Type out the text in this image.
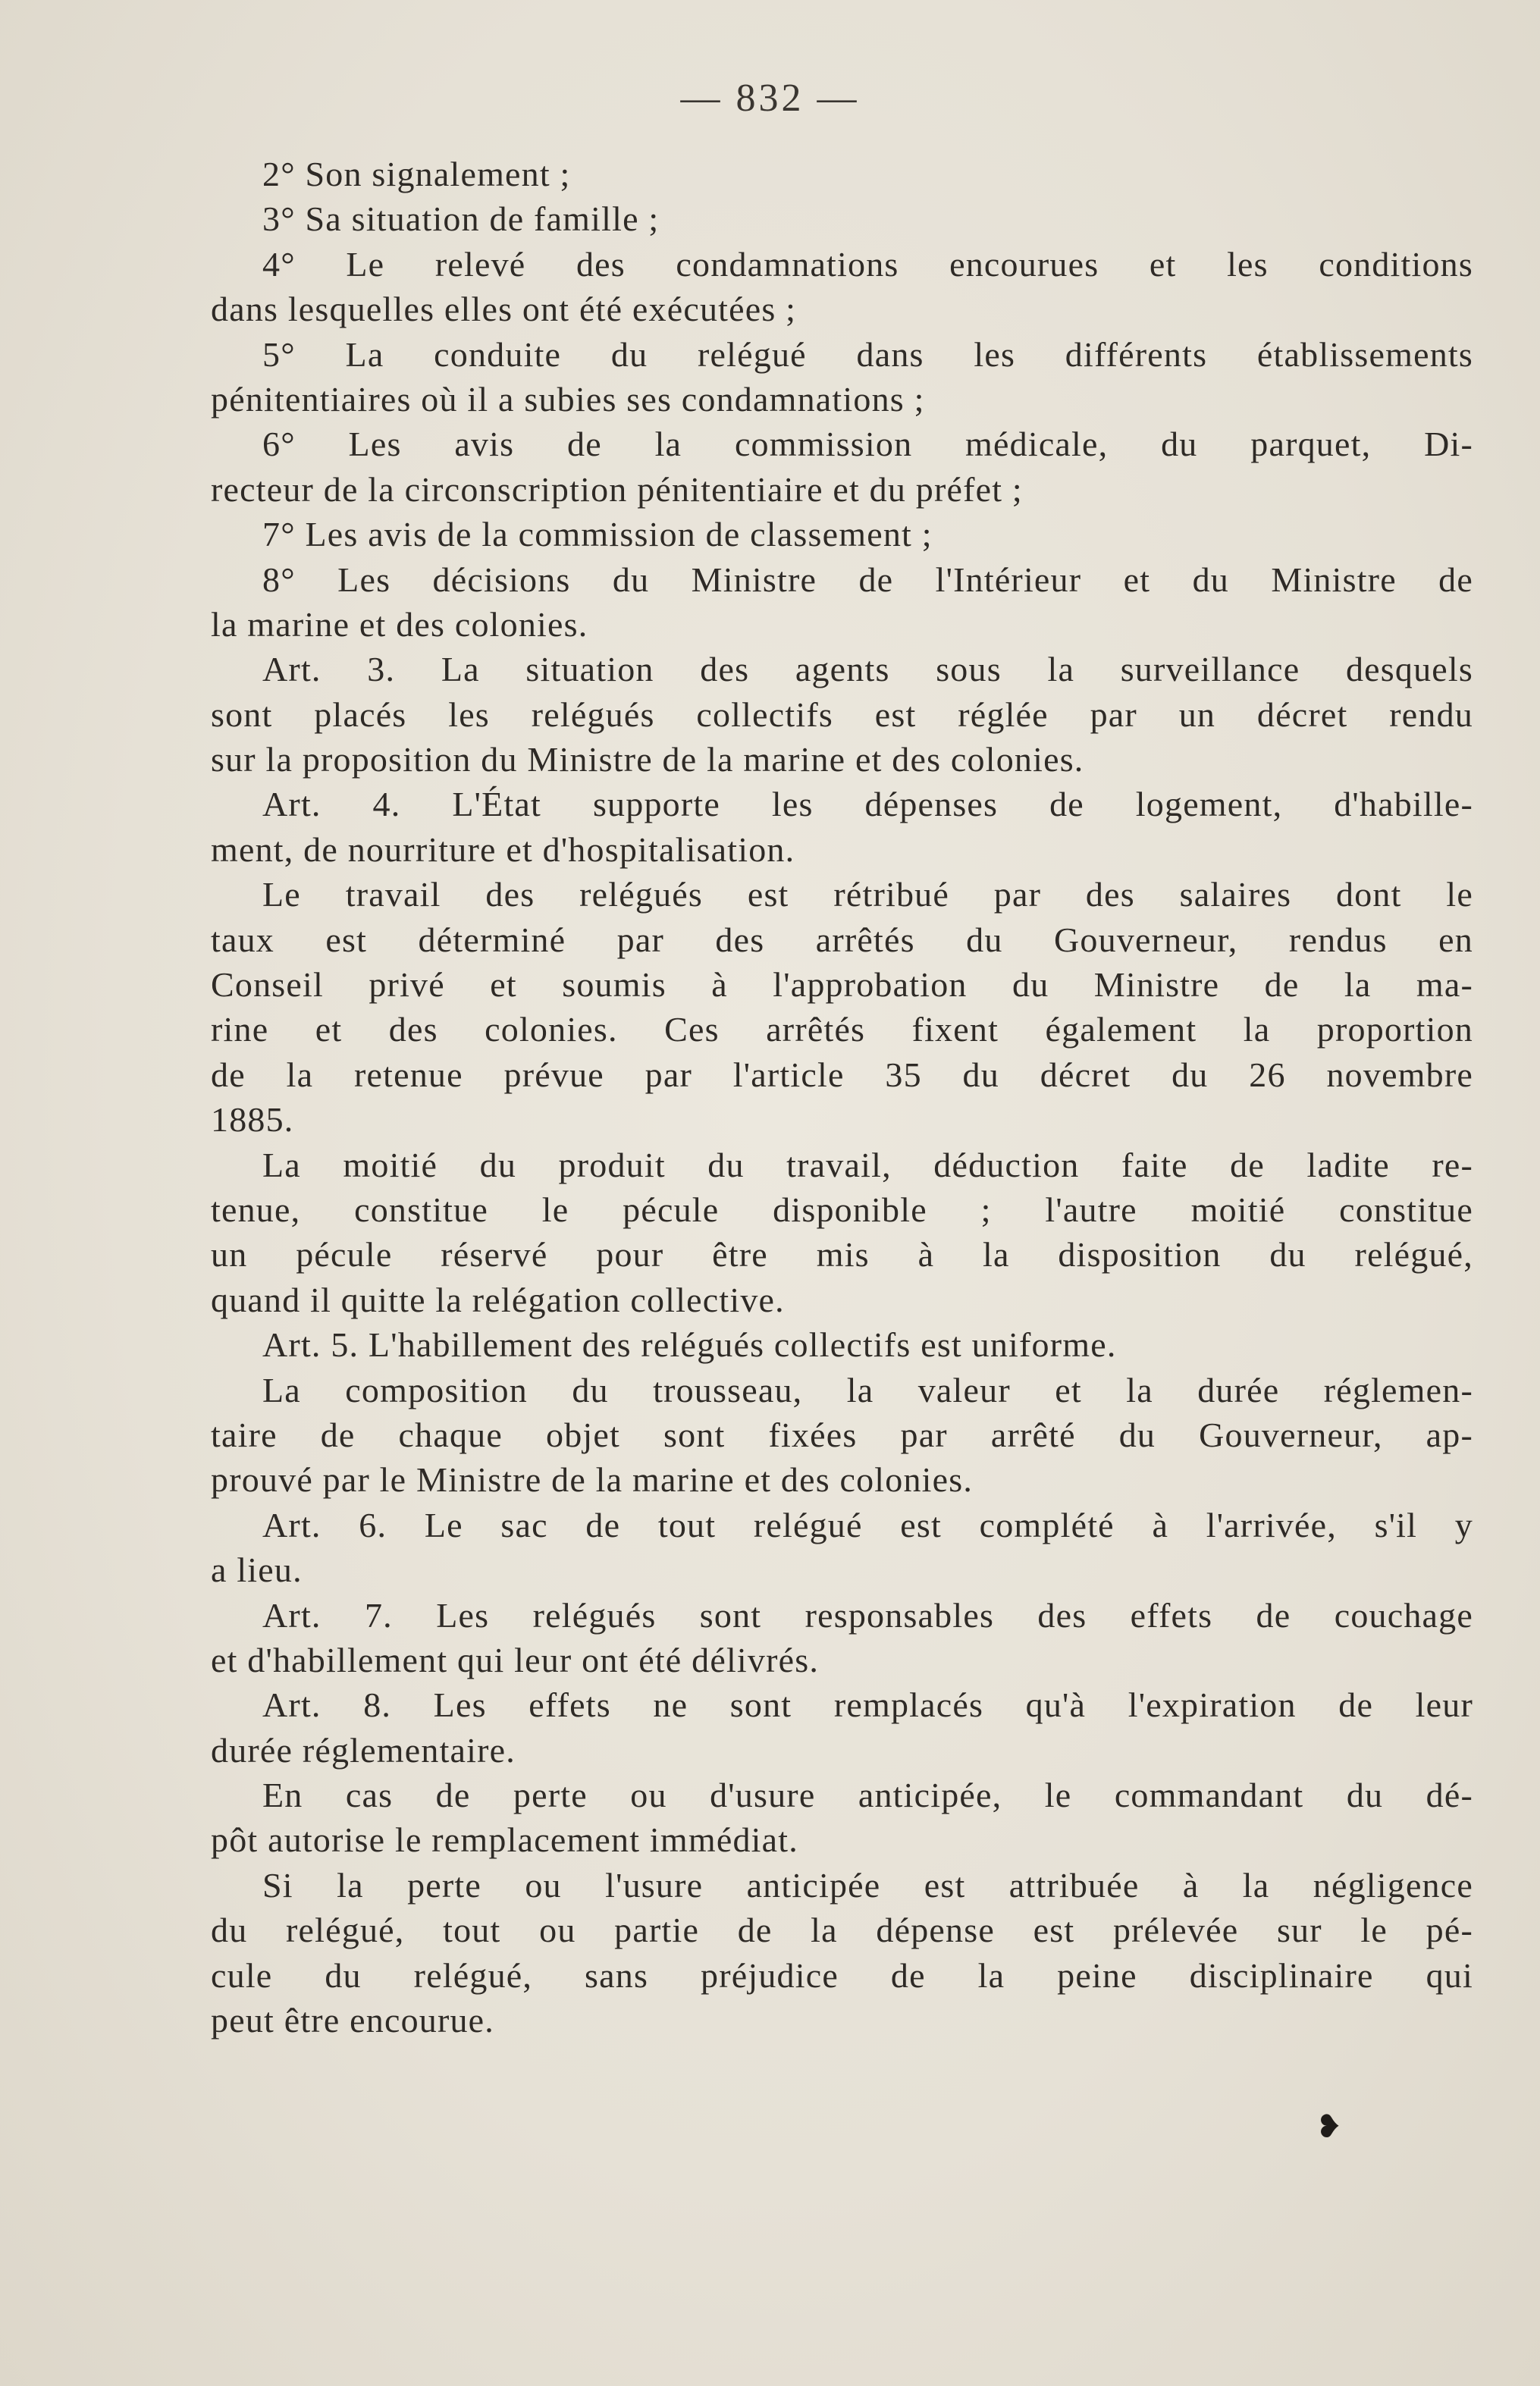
— 832 —
2° Son signalement ;
3° Sa situation de famille ;
4° Le relevé des condamnations encourues et les conditions
dans lesquelles elles ont été exécutées ;
5° La conduite du relégué dans les différents établissements
pénitentiaires où il a subies ses condamnations ;
6° Les avis de la commission médicale, du parquet, Di-
recteur de la circonscription pénitentiaire et du préfet ;
7° Les avis de la commission de classement ;
8° Les décisions du Ministre de l'Intérieur et du Ministre de
la marine et des colonies.
Art. 3. La situation des agents sous la surveillance desquels
sont placés les relégués collectifs est réglée par un décret rendu
sur la proposition du Ministre de la marine et des colonies.
Art. 4. L'État supporte les dépenses de logement, d'habille-
ment, de nourriture et d'hospitalisation.
Le travail des relégués est rétribué par des salaires dont le
taux est déterminé par des arrêtés du Gouverneur, rendus en
Conseil privé et soumis à l'approbation du Ministre de la ma-
rine et des colonies. Ces arrêtés fixent également la proportion
de la retenue prévue par l'article 35 du décret du 26 novembre
1885.
La moitié du produit du travail, déduction faite de ladite re-
tenue, constitue le pécule disponible ; l'autre moitié constitue
un pécule réservé pour être mis à la disposition du relégué,
quand il quitte la relégation collective.
Art. 5. L'habillement des relégués collectifs est uniforme.
La composition du trousseau, la valeur et la durée réglemen-
taire de chaque objet sont fixées par arrêté du Gouverneur, ap-
prouvé par le Ministre de la marine et des colonies.
Art. 6. Le sac de tout relégué est complété à l'arrivée, s'il y
a lieu.
Art. 7. Les relégués sont responsables des effets de couchage
et d'habillement qui leur ont été délivrés.
Art. 8. Les effets ne sont remplacés qu'à l'expiration de leur
durée réglementaire.
En cas de perte ou d'usure anticipée, le commandant du dé-
pôt autorise le remplacement immédiat.
Si la perte ou l'usure anticipée est attribuée à la négligence
du relégué, tout ou partie de la dépense est prélevée sur le pé-
cule du relégué, sans préjudice de la peine disciplinaire qui
peut être encourue.
❥
